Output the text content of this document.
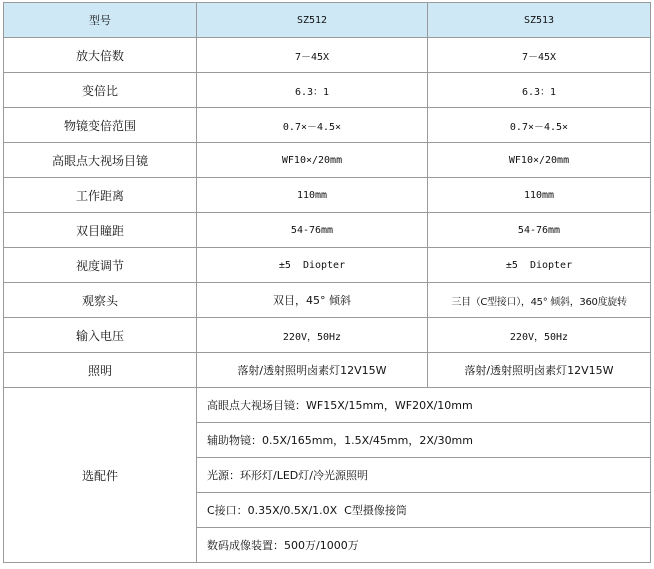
型号	SZ512	SZ513
放大倍数	7－45X	7－45X
变倍比	6.3：1	6.3：1
物镜变倍范围	0.7×－4.5×	0.7×－4.5×
高眼点大视场目镜	WF10×/20mm	WF10×/20mm
工作距离	110mm	110mm
双目瞳距	54-76mm	54-76mm
视度调节	±5  Diopter	±5  Diopter
观察头	双目，45° 倾斜	三目（C型接口），45° 倾斜，360度旋转
输入电压	220V，50Hz	220V，50Hz
照明	落射/透射照明卤素灯12V15W	落射/透射照明卤素灯12V15W
选配件	高眼点大视场目镜：WF15X/15mm，WF20X/10mm	
	辅助物镜：0.5X/165mm，1.5X/45mm，2X/30mm	
	光源：环形灯/LED灯/冷光源照明	
	C接口：0.35X/0.5X/1.0X  C型摄像接筒	
	数码成像装置：500万/1000万	
